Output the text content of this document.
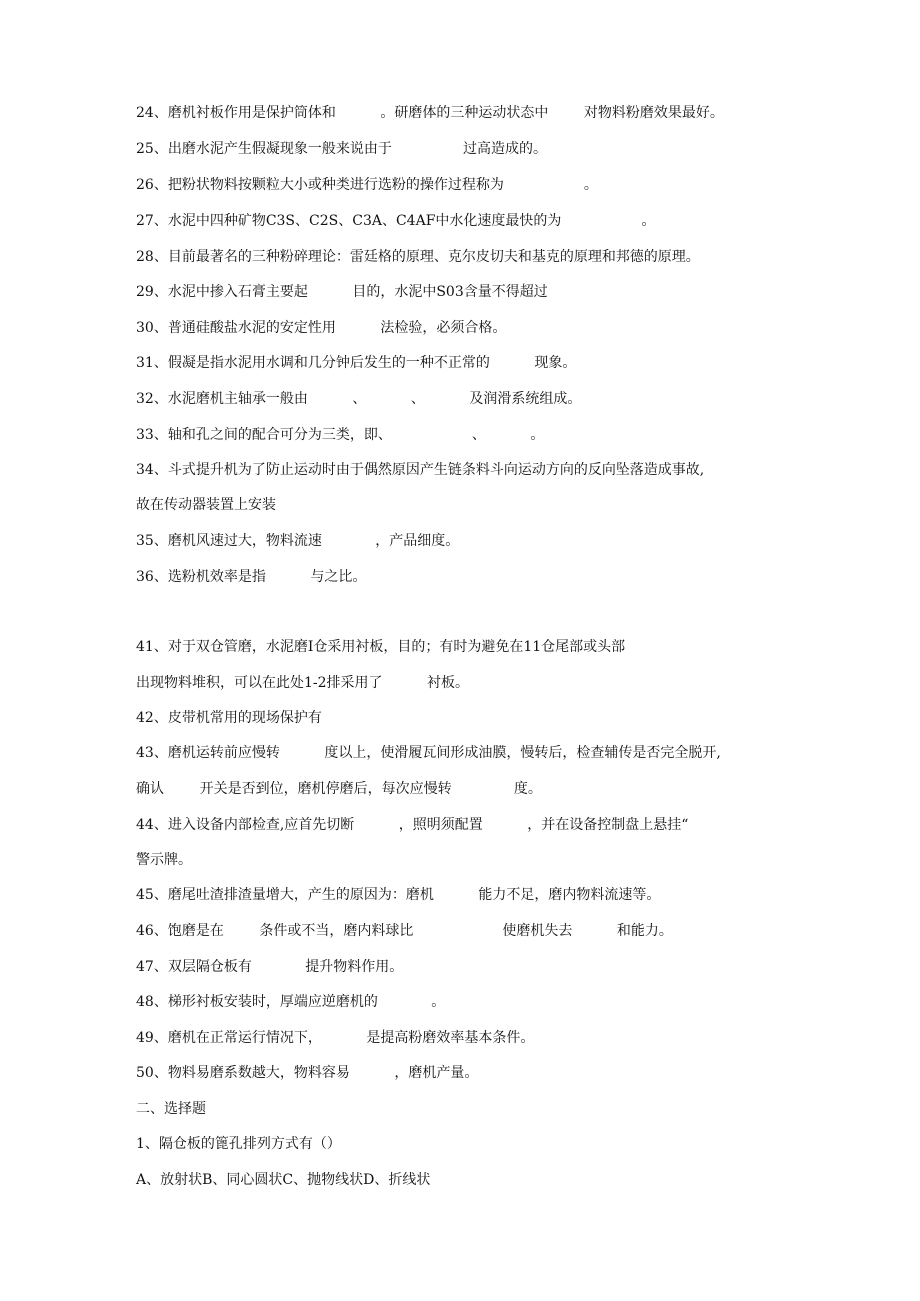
24、磨机衬板作用是保护筒体和          。研磨体的三种运动状态中        对物料粉磨效果最好。
25、出磨水泥产生假凝现象一般来说由于                过高造成的。
26、把粉状物料按颗粒大小或种类进行选粉的操作过程称为                  。
27、水泥中四种矿物C3S、C2S、C3A、C4AF中水化速度最快的为                  。
28、目前最著名的三种粉碎理论：雷廷格的原理、克尔皮切夫和基克的原理和邦德的原理。
29、水泥中掺入石膏主要起          目的，水泥中S03含量不得超过
30、普通硅酸盐水泥的安定性用          法检验，必须合格。
31、假凝是指水泥用水调和几分钟后发生的一种不正常的          现象。
32、水泥磨机主轴承一般由          、          、          及润滑系统组成。
33、轴和孔之间的配合可分为三类，即、                  、          。
34、斗式提升机为了防止运动时由于偶然原因产生链条料斗向运动方向的反向坠落造成事故,
故在传动器装置上安装
35、磨机风速过大，物料流速            ，产品细度。
36、选粉机效率是指          与之比。
41、对于双仓管磨，水泥磨I仓采用衬板，目的；有时为避免在11仓尾部或头部
出现物料堆积，可以在此处1-2排采用了          衬板。
42、皮带机常用的现场保护有
43、磨机运转前应慢转          度以上，使滑履瓦间形成油膜，慢转后，检查辅传是否完全脱开,
确认        开关是否到位，磨机停磨后，每次应慢转              度。
44、进入设备内部检查,应首先切断          ，照明须配置          ，并在设备控制盘上悬挂“
警示牌。
45、磨尾吐渣排渣量增大，产生的原因为：磨机          能力不足，磨内物料流速等。
46、饱磨是在        条件或不当，磨内料球比                    使磨机失去          和能力。
47、双层隔仓板有            提升物料作用。
48、梯形衬板安装时，厚端应逆磨机的            。
49、磨机在正常运行情况下，          是提高粉磨效率基本条件。
50、物料易磨系数越大，物料容易          ，磨机产量。
二、选择题
1、隔仓板的篦孔排列方式有（）
A、放射状B、同心圆状C、抛物线状D、折线状
